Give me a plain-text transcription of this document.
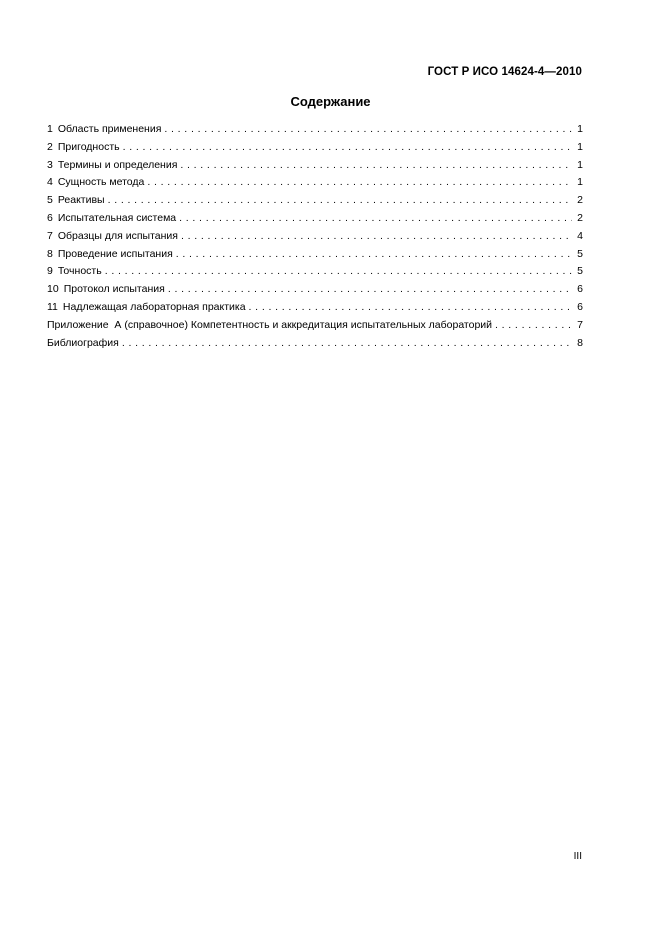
ГОСТ Р ИСО 14624-4—2010
Содержание
1 Область применения . . .	1
2 Пригодность . . .	1
3 Термины и определения . . .	1
4 Сущность метода . . .	1
5 Реактивы . . .	2
6 Испытательная система . . .	2
7 Образцы для испытания . . .	4
8 Проведение испытания . . .	5
9 Точность . . .	5
10 Протокол испытания . . .	6
11 Надлежащая лабораторная практика . . .	6
Приложение  А (справочное) Компетентность и аккредитация испытательных лабораторий . . .	7
Библиография . . .	8
III
